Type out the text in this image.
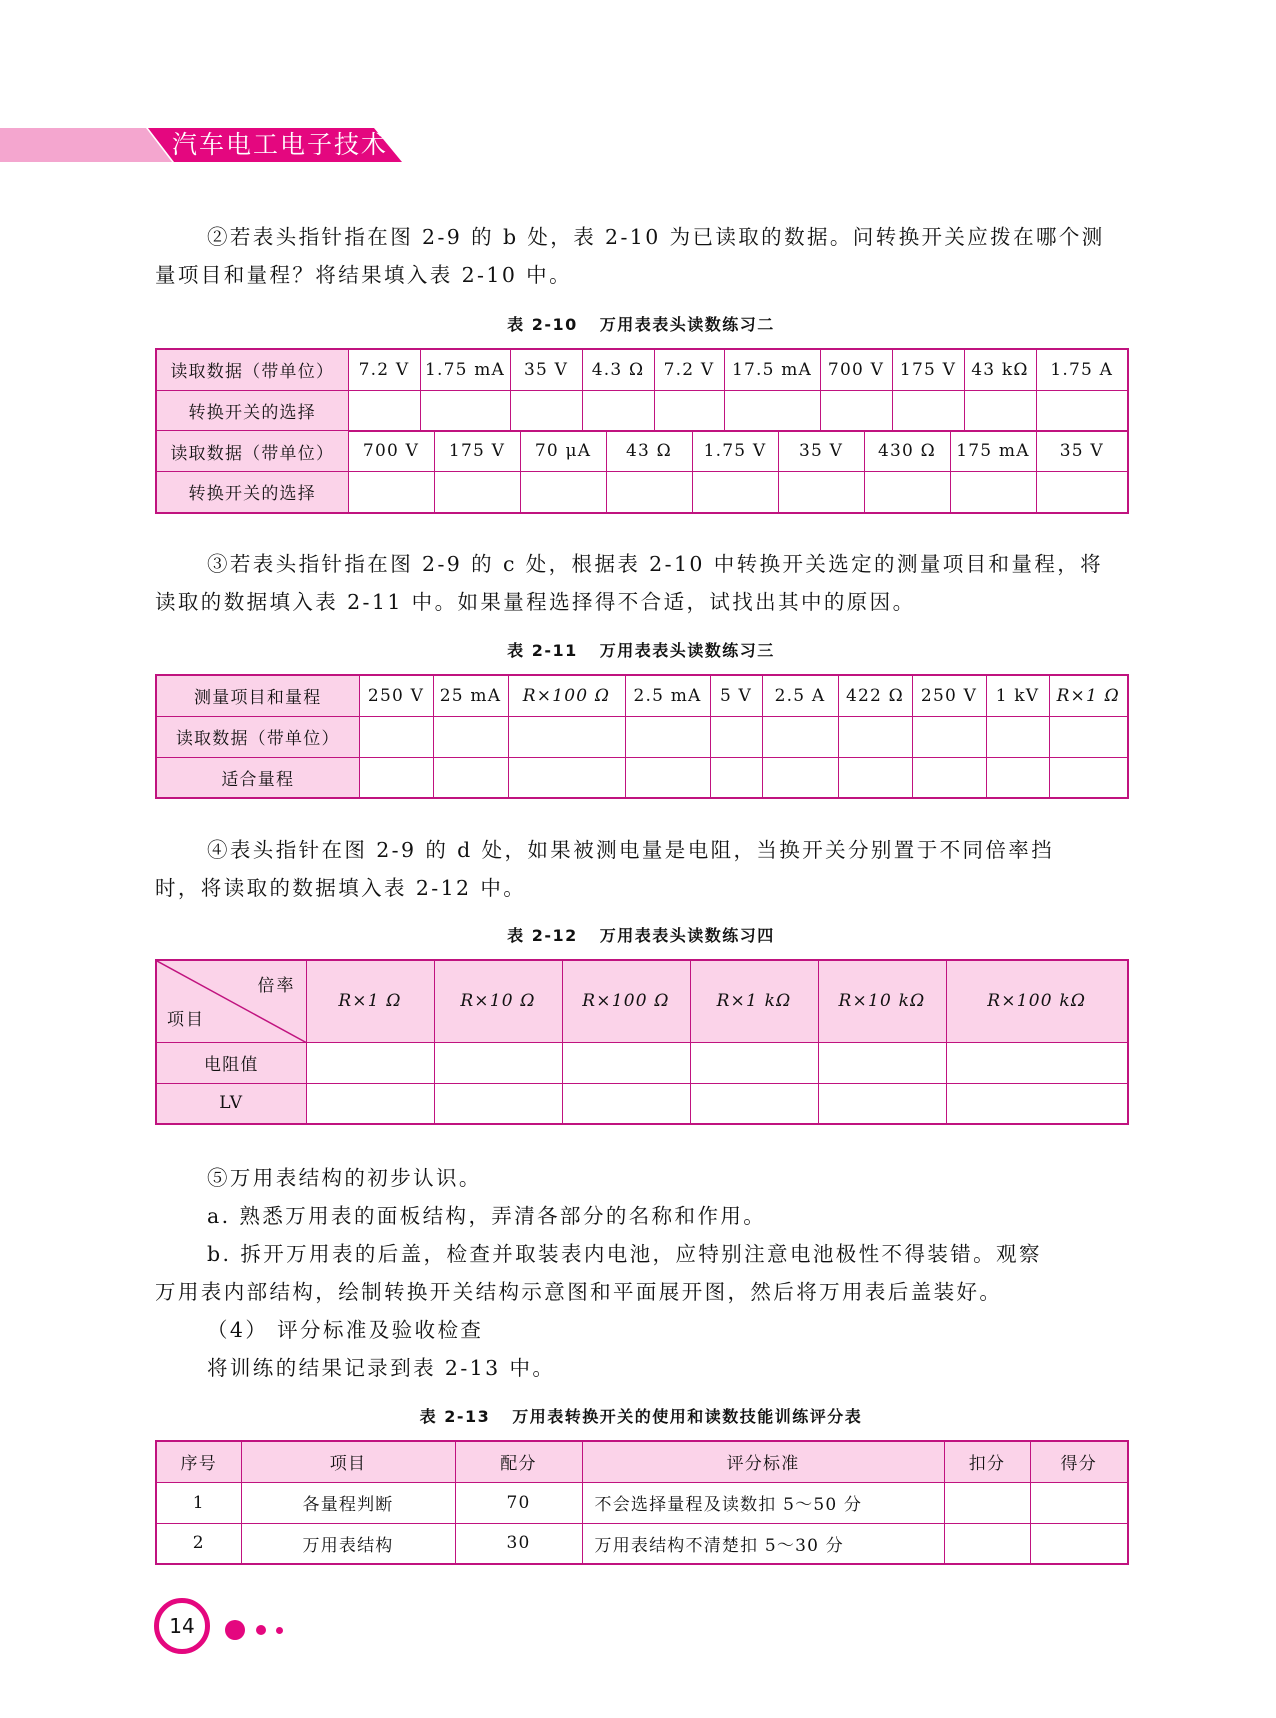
汽车电工电子技术

②若表头指针指在图 2-9 的 b 处，表 2-10 为已读取的数据。问转换开关应拨在哪个测

量项目和量程？将结果填入表 2-10 中。

表 2-10 万用表表头读数练习二
读取数据（带单位）	7.2 V	1.75 mA	35 V	4.3 Ω	7.2 V	17.5 mA	700 V	175 V	43 kΩ	1.75 A
转换开关的选择										
读取数据（带单位）	700 V	175 V	70 μA	43 Ω	1.75 V	35 V	430 Ω	175 mA	35 V
转换开关的选择									

③若表头指针指在图 2-9 的 c 处，根据表 2-10 中转换开关选定的测量项目和量程，将

读取的数据填入表 2-11 中。如果量程选择得不合适，试找出其中的原因。

表 2-11 万用表表头读数练习三
测量项目和量程	250 V	25 mA	R×100 Ω	2.5 mA	5 V	2.5 A	422 Ω	250 V	1 kV	R×1 Ω
读取数据（带单位）										
适合量程										

④表头指针在图 2-9 的 d 处，如果被测电量是电阻，当换开关分别置于不同倍率挡

时，将读取的数据填入表 2-12 中。

表 2-12 万用表表头读数练习四
倍率
项目	R×1 Ω	R×10 Ω	R×100 Ω	R×1 kΩ	R×10 kΩ	R×100 kΩ
电阻值						
LV						

⑤万用表结构的初步认识。

a. 熟悉万用表的面板结构，弄清各部分的名称和作用。

b. 拆开万用表的后盖，检查并取装表内电池，应特别注意电池极性不得装错。观察

万用表内部结构，绘制转换开关结构示意图和平面展开图，然后将万用表后盖装好。

（4） 评分标准及验收检查

将训练的结果记录到表 2-13 中。

表 2-13 万用表转换开关的使用和读数技能训练评分表
序号	项目	配分	评分标准	扣分	得分
1	各量程判断	70	不会选择量程及读数扣 5～50 分		
2	万用表结构	30	万用表结构不清楚扣 5～30 分		
14
